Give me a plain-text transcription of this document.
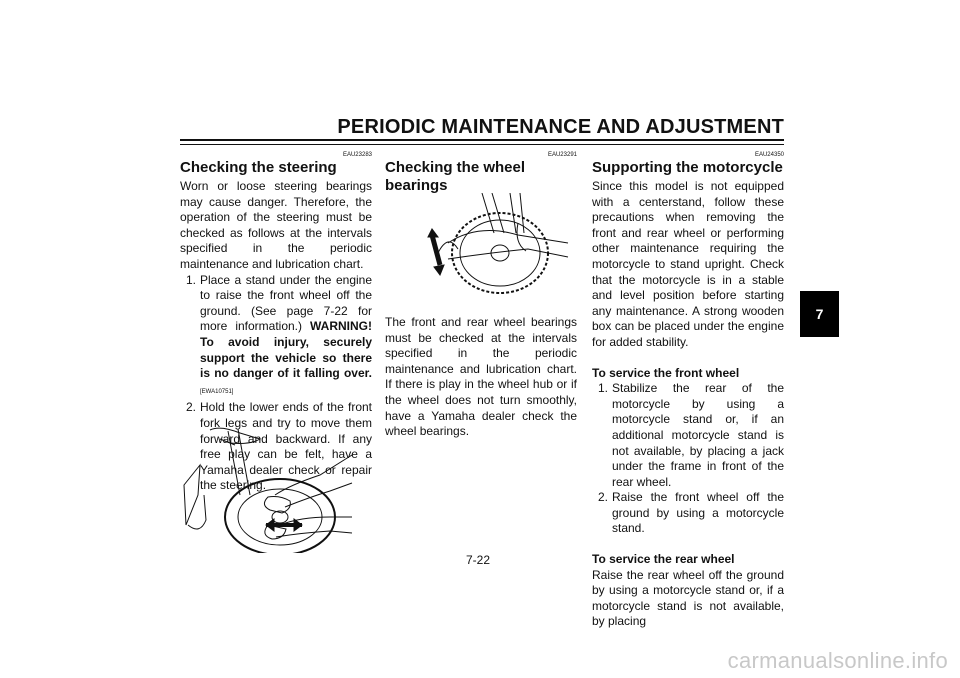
PERIODIC MAINTENANCE AND ADJUSTMENT
EAU23283
Checking the steering

Worn or loose steering bearings may cause danger. Therefore, the operation of the steering must be checked as follows at the intervals specified in the periodic maintenance and lubrication chart.

1. Place a stand under the engine to raise the front wheel off the ground. (See page 7-22 for more information.) WARNING! To avoid injury, securely support the vehicle so there is no danger of it falling over. [EWA10751]
2. Hold the lower ends of the front fork legs and try to move them forward and backward. If any free play can be felt, have a Yamaha dealer check or repair the steering.
EAU23291
Checking the wheel bearings

The front and rear wheel bearings must be checked at the intervals specified in the periodic maintenance and lubrication chart. If there is play in the wheel hub or if the wheel does not turn smoothly, have a Yamaha dealer check the wheel bearings.

EAU24350
Supporting the motorcycle

Since this model is not equipped with a centerstand, follow these precautions when removing the front and rear wheel or performing other maintenance requiring the motorcycle to stand upright. Check that the motorcycle is in a stable and level position before starting any maintenance. A strong wooden box can be placed under the engine for added stability.

To service the front wheel

1. Stabilize the rear of the motorcycle by using a motorcycle stand or, if an additional motorcycle stand is not available, by placing a jack under the frame in front of the rear wheel.
2. Raise the front wheel off the ground by using a motorcycle stand.

To service the rear wheel

Raise the rear wheel off the ground by using a motorcycle stand or, if a motorcycle stand is not available, by placing

7
7-22
carmanualsonline.info
